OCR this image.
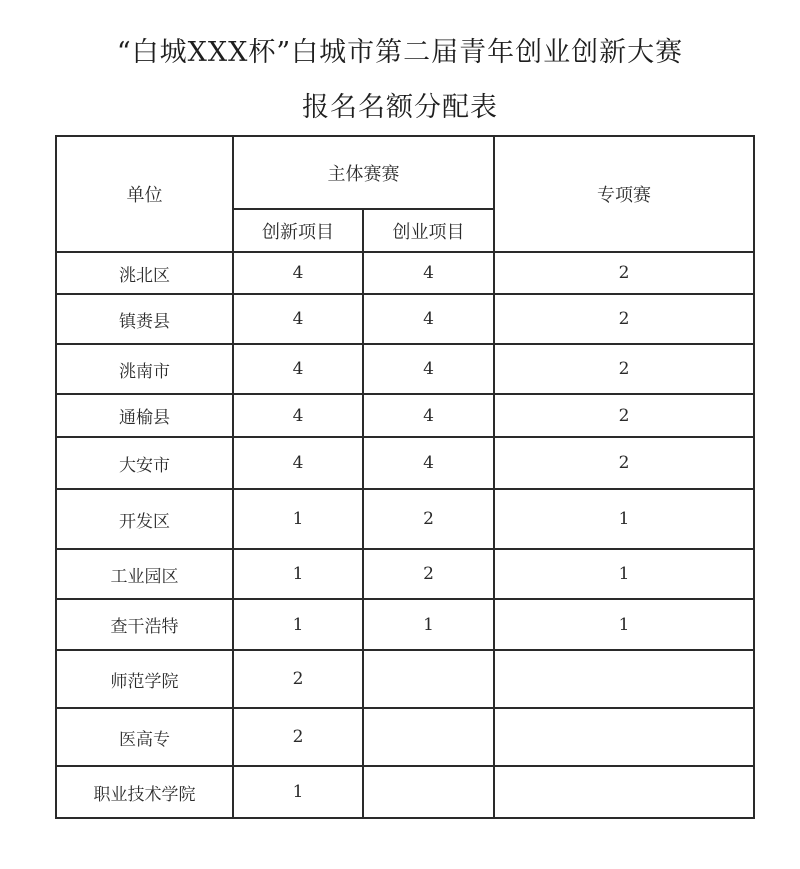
“白城XXX杯”白城市第二届青年创业创新大赛
报名名额分配表
单位	主体赛赛		专项赛
	创新项目	创业项目	
洮北区	4	4	2
镇赉县	4	4	2
洮南市	4	4	2
通榆县	4	4	2
大安市	4	4	2
开发区	1	2	1
工业园区	1	2	1
查干浩特	1	1	1
师范学院	2		
医高专	2		
职业技术学院	1		
